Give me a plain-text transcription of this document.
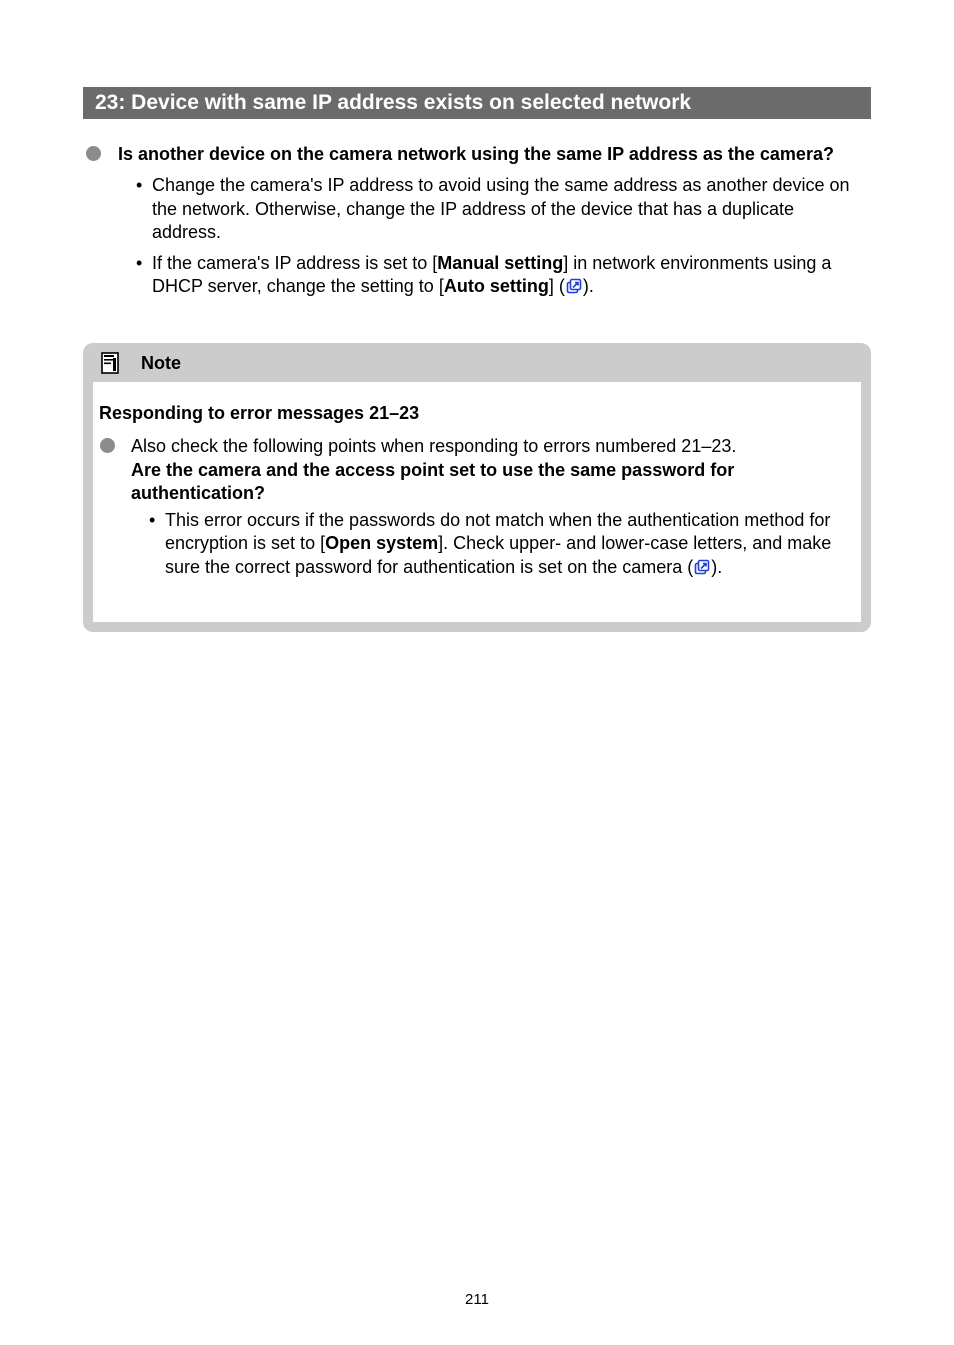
23: Device with same IP address exists on selected network
Is another device on the camera network using the same IP address as the camera?
• Change the camera's IP address to avoid using the same address as another device on the network. Otherwise, change the IP address of the device that has a duplicate address.
• If the camera's IP address is set to [Manual setting] in network environments using a DHCP server, change the setting to [Auto setting] ( ).
Note
Responding to error messages 21–23
Also check the following points when responding to errors numbered 21–23.
Are the camera and the access point set to use the same password for authentication?
• This error occurs if the passwords do not match when the authentication method for encryption is set to [Open system]. Check upper- and lower-case letters, and make sure the correct password for authentication is set on the camera ( ).
211
